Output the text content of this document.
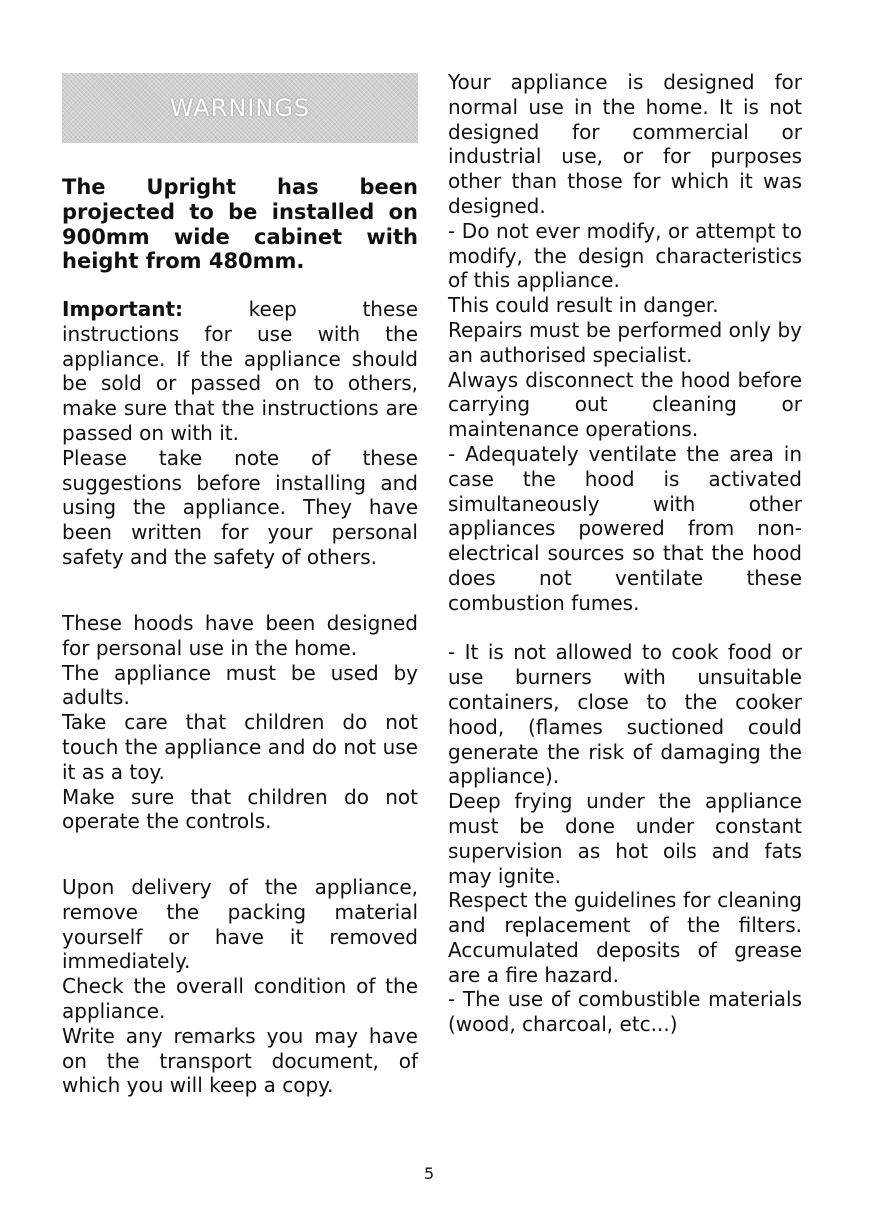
WARNINGS
The Upright has been projected to be installed on 900mm wide cabinet with height from 480mm.

Important: keep these instructions for use with the appliance. If the appliance should be sold or passed on to others, make sure that the instructions are passed on with it.

Please take note of these suggestions before installing and using the appliance. They have been written for your personal safety and the safety of others.

These hoods have been designed for personal use in the home.

The appliance must be used by adults.

Take care that children do not touch the appliance and do not use it as a toy.

Make sure that children do not operate the controls.

Upon delivery of the appliance, remove the packing material yourself or have it removed immediately.

Check the overall condition of the appliance.

Write any remarks you may have on the transport document, of which you will keep a copy.

Your appliance is designed for normal use in the home. It is not designed for commercial or industrial use, or for purposes other than those for which it was designed.

- Do not ever modify, or attempt to modify, the design characteristics of this appliance.

This could result in danger.

Repairs must be performed only by an authorised specialist.

Always disconnect the hood before carrying out cleaning or maintenance operations.

- Adequately ventilate the area in case the hood is activated simultaneously with other appliances powered from non-electrical sources so that the hood does not ventilate these combustion fumes.

- It is not allowed to cook food or use burners with unsuitable containers, close to the cooker hood, (flames suctioned could generate the risk of damaging the appliance).

Deep frying under the appliance must be done under constant supervision as hot oils and fats may ignite.

Respect the guidelines for cleaning and replacement of the filters. Accumulated deposits of grease are a fire hazard.

- The use of combustible materials (wood, charcoal, etc...)

5
